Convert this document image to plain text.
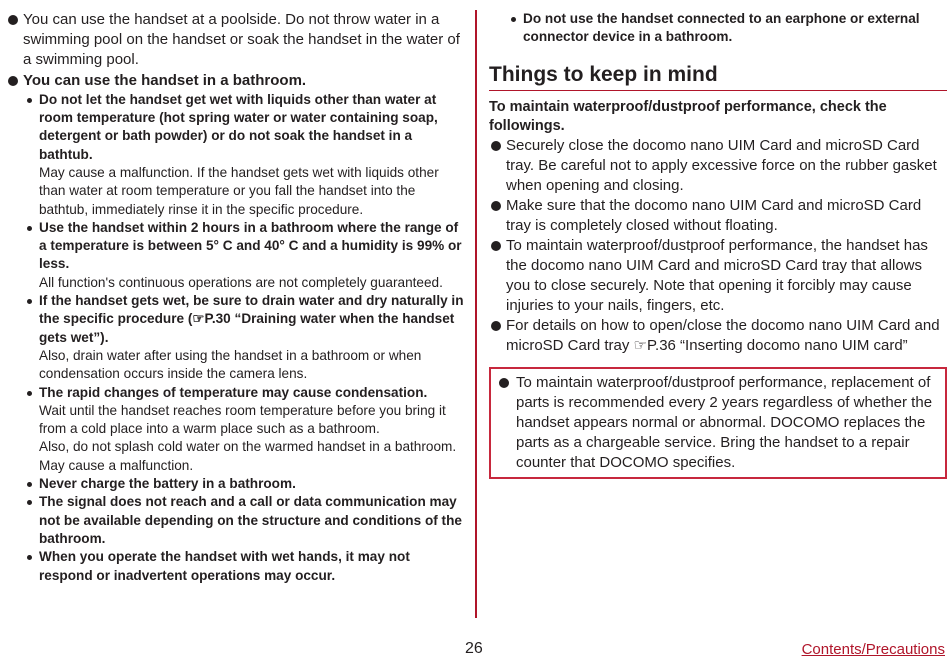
You can use the handset at a poolside. Do not throw water in a swimming pool on the handset or soak the handset in the water of a swimming pool.
You can use the handset in a bathroom.
Do not let the handset get wet with liquids other than water at room temperature (hot spring water or water containing soap, detergent or bath powder) or do not soak the handset in a bathtub.
May cause a malfunction. If the handset gets wet with liquids other than water at room temperature or you fall the handset into the bathtub, immediately rinse it in the specific procedure.
Use the handset within 2 hours in a bathroom where the range of a temperature is between 5° C and 40° C and a humidity is 99% or less.
All function's continuous operations are not completely guaranteed.
If the handset gets wet, be sure to drain water and dry naturally in the specific procedure (☞P.30 “Draining water when the handset gets wet”).
Also, drain water after using the handset in a bathroom or when condensation occurs inside the camera lens.
The rapid changes of temperature may cause condensation.
Wait until the handset reaches room temperature before you bring it from a cold place into a warm place such as a bathroom.
Also, do not splash cold water on the warmed handset in a bathroom.
May cause a malfunction.
Never charge the battery in a bathroom.
The signal does not reach and a call or data communication may not be available depending on the structure and conditions of the bathroom.
When you operate the handset with wet hands, it may not respond or inadvertent operations may occur.
Do not use the handset connected to an earphone or external connector device in a bathroom.
Things to keep in mind
To maintain waterproof/dustproof performance, check the followings.
Securely close the docomo nano UIM Card and microSD Card tray. Be careful not to apply excessive force on the rubber gasket when opening and closing.
Make sure that the docomo nano UIM Card and microSD Card tray is completely closed without floating.
To maintain waterproof/dustproof performance, the handset has the docomo nano UIM Card and microSD Card tray that allows you to close securely. Note that opening it forcibly may cause injuries to your nails, fingers, etc.
For details on how to open/close the docomo nano UIM Card and microSD Card tray ☞P.36 “Inserting docomo nano UIM card”
To maintain waterproof/dustproof performance, replacement of parts is recommended every 2 years regardless of whether the handset appears normal or abnormal. DOCOMO replaces the parts as a chargeable service. Bring the handset to a repair counter that DOCOMO specifies.
26	Contents/Precautions
